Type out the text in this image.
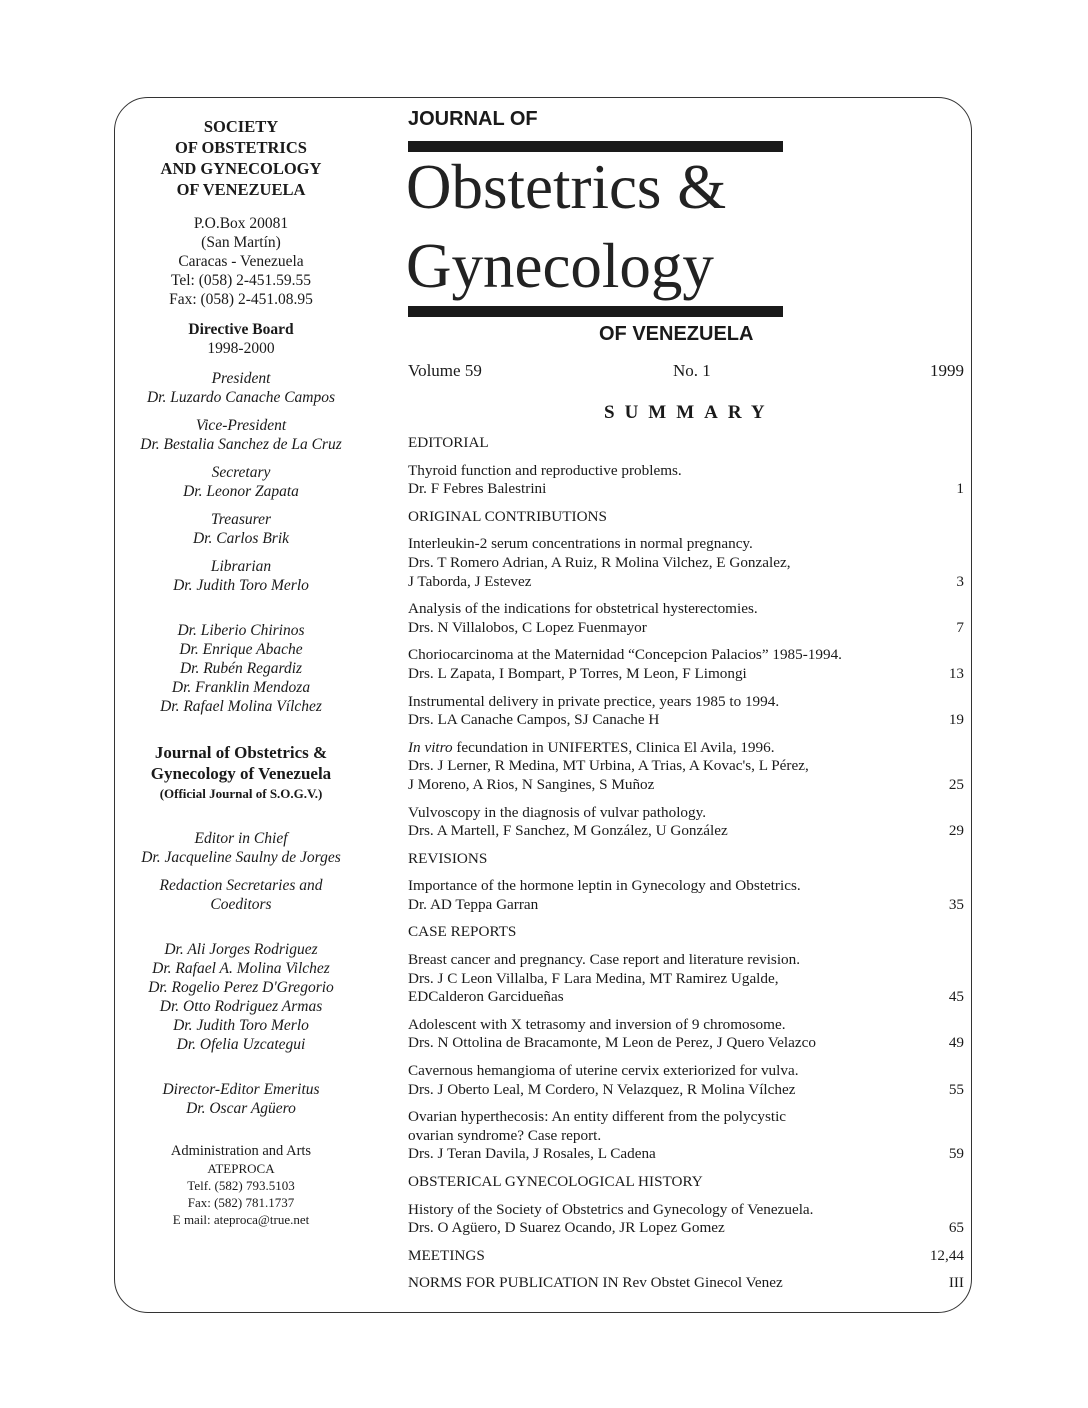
SOCIETY
OF OBSTETRICS
AND GYNECOLOGY
OF VENEZUELA
P.O.Box 20081
(San Martín)
Caracas - Venezuela
Tel: (058) 2-451.59.55
Fax: (058) 2-451.08.95
Directive Board
1998-2000
President
Dr. Luzardo Canache Campos
Vice-President
Dr. Bestalia Sanchez de La Cruz
Secretary
Dr. Leonor Zapata
Treasurer
Dr. Carlos Brik
Librarian
Dr. Judith Toro Merlo
Dr. Liberio Chirinos
Dr. Enrique Abache
Dr. Rubén Regardiz
Dr. Franklin Mendoza
Dr. Rafael Molina Vílchez
Journal of Obstetrics &
Gynecology of Venezuela
(Official Journal of S.O.G.V.)
Editor in Chief
Dr. Jacqueline Saulny de Jorges
Redaction Secretaries and
Coeditors
Dr. Ali Jorges Rodriguez
Dr. Rafael A. Molina Vilchez
Dr. Rogelio Perez D'Gregorio
Dr. Otto Rodriguez Armas
Dr. Judith Toro Merlo
Dr. Ofelia Uzcategui
Director-Editor Emeritus
Dr. Oscar Agüero
Administration and Arts
ATEPROCA
Telf. (582) 793.5103
Fax: (582) 781.1737
E mail: ateproca@true.net
JOURNAL OF
Obstetrics &
Gynecology
OF VENEZUELA
Volume 59	No. 1	1999
SUMMARY
EDITORIAL
Thyroid function and reproductive problems.
Dr. F Febres Balestrini	1
ORIGINAL CONTRIBUTIONS
Interleukin-2 serum concentrations in normal pregnancy.
Drs. T Romero Adrian, A Ruiz, R Molina Vilchez, E Gonzalez,
J Taborda, J Estevez	3
Analysis of the indications for obstetrical hysterectomies.
Drs. N Villalobos, C Lopez Fuenmayor	7
Choriocarcinoma at the Maternidad “Concepcion Palacios” 1985-1994.
Drs. L Zapata, I Bompart, P Torres, M Leon, F Limongi	13
Instrumental delivery in private prectice, years 1985 to 1994.
Drs. LA Canache Campos, SJ Canache H	19
In vitro fecundation in UNIFERTES, Clinica El Avila, 1996.
Drs. J Lerner, R Medina, MT Urbina, A Trias, A Kovac's, L Pérez,
J Moreno, A Rios, N Sangines, S Muñoz	25
Vulvoscopy in the diagnosis of vulvar pathology.
Drs. A Martell, F Sanchez, M González, U González	29
REVISIONS
Importance of the hormone leptin in Gynecology and Obstetrics.
Dr. AD Teppa Garran	35
CASE REPORTS
Breast cancer and pregnancy. Case report and literature revision.
Drs. J C Leon Villalba, F Lara Medina, MT Ramirez Ugalde,
EDCalderon Garcidueñas	45
Adolescent with X tetrasomy and inversion of 9 chromosome.
Drs. N Ottolina de Bracamonte, M Leon de Perez, J Quero Velazco	49
Cavernous hemangioma of uterine cervix exteriorized for vulva.
Drs. J Oberto Leal, M Cordero, N Velazquez, R Molina Vílchez	55
Ovarian hyperthecosis: An entity different from the polycystic
ovarian syndrome? Case report.
Drs. J Teran Davila, J Rosales, L Cadena	59
OBSTERICAL GYNECOLOGICAL HISTORY
History of the Society of Obstetrics and Gynecology of Venezuela.
Drs. O Agüero, D Suarez Ocando, JR Lopez Gomez	65
MEETINGS	12,44
NORMS FOR PUBLICATION IN Rev Obstet Ginecol Venez	III
